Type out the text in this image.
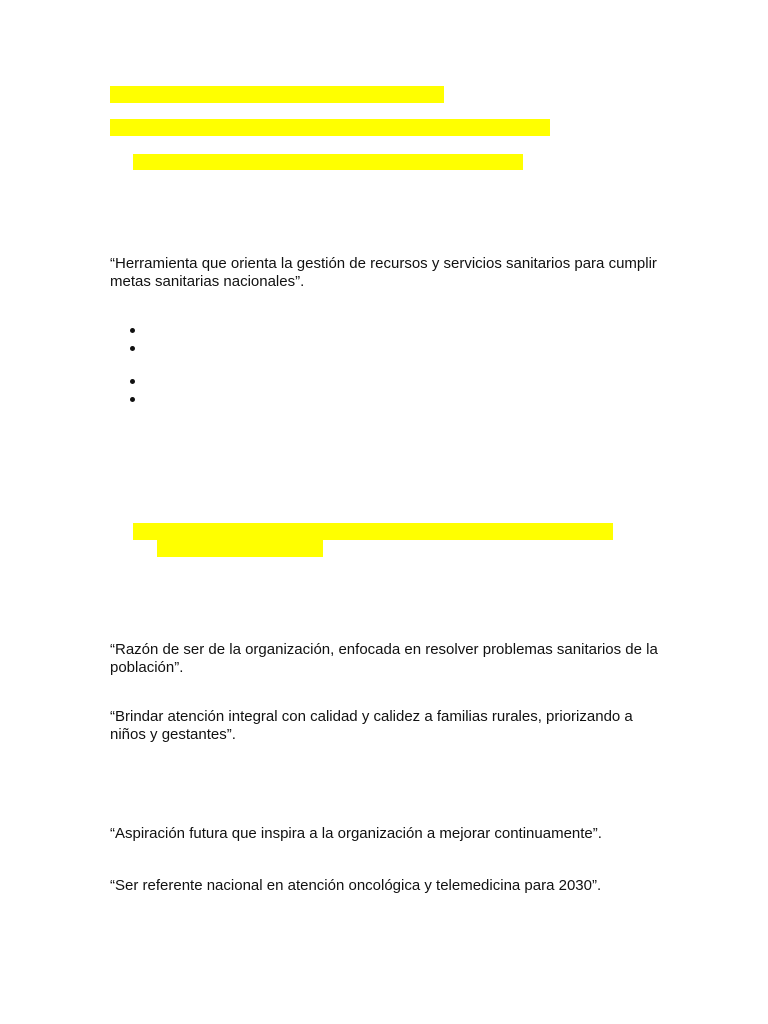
“Herramienta que orienta la gestión de recursos y servicios sanitarios para cumplir metas sanitarias nacionales”.

“Razón de ser de la organización, enfocada en resolver problemas sanitarios de la población”.

“Brindar atención integral con calidad y calidez a familias rurales, priorizando a niños y gestantes”.

“Aspiración futura que inspira a la organización a mejorar continuamente”.

“Ser referente nacional en atención oncológica y telemedicina para 2030”.
